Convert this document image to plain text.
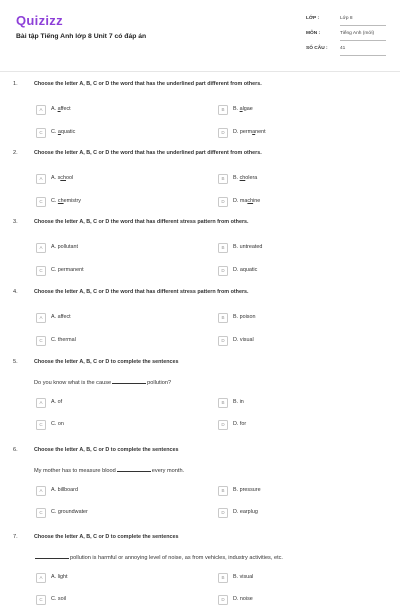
Quizizz
Bài tập Tiếng Anh lớp 8 Unit 7 có đáp án
LỚP :	Lớp 8
MÔN :	Tiếng Anh (mới)
SỐ CÂU :	41
1.	Choose the letter A, B, C or D the word that has the underlined part different from others.
A	A. affect	B	B. algae
C	C. aquatic	D	D. permanent
2.	Choose the letter A, B, C or D the word that has the underlined part different from others.
A	A. school	B	B. cholera
C	C. chemistry	D	D. machine
3.	Choose the letter A, B, C or D the word that has different stress pattern from others.
A	A. pollutant	B	B. untreated
C	C. permanent	D	D. aquatic
4.	Choose the letter A, B, C or D the word that has different stress pattern from others.
A	A. affect	B	B. poison
C	C. thermal	D	D. visual
5.	Choose the letter A, B, C or D to complete the sentences
Do you know what is the cause	pollution?
A	A. of	B	B. in
C	C. on	D	D. for
6.	Choose the letter A, B, C or D to complete the sentences
My mother has to measure blood	every month.
A	A. billboard	B	B. pressure
C	C. groundwater	D	D. earplug
7.	Choose the letter A, B, C or D to complete the sentences
pollution is harmful or annoying level of noise, as from vehicles, industry activities, etc.
A	A. light	B	B. visual
C	C. soil	D	D. noise
